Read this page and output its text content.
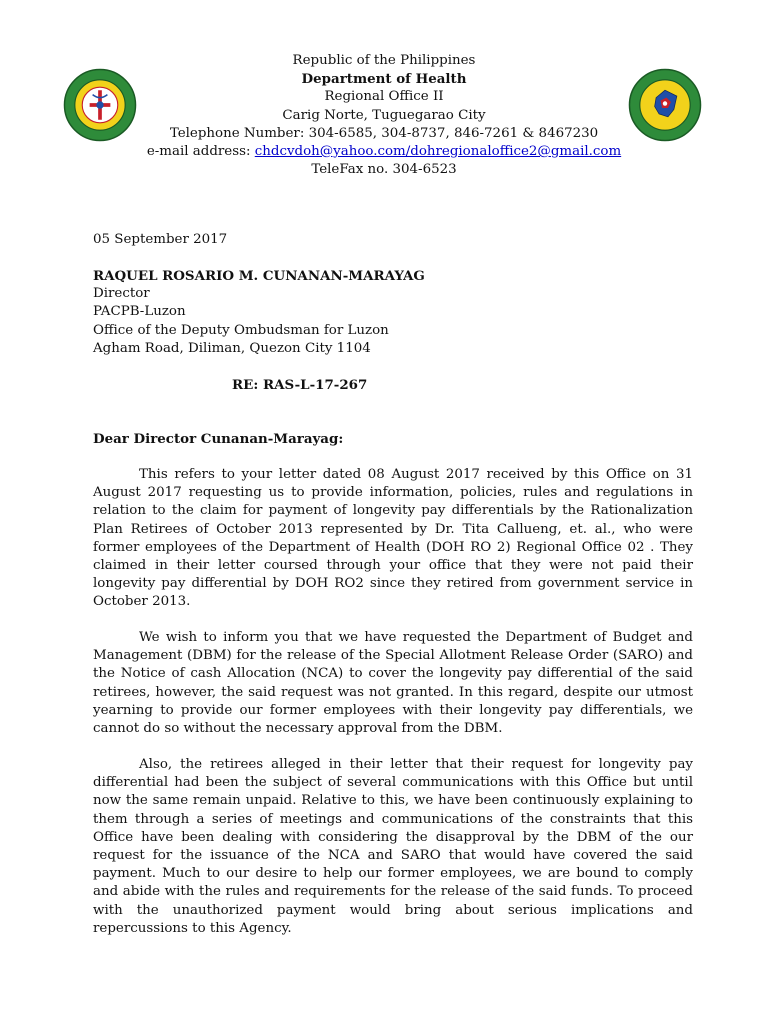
Republic of the Philippines
Department of Health
Regional Office II
Carig Norte, Tuguegarao City
Telephone Number: 304-6585, 304-8737, 846-7261 & 8467230
e-mail address: chdcvdoh@yahoo.com/dohregionaloffice2@gmail.com
TeleFax no. 304-6523
05 September 2017
RAQUEL ROSARIO M. CUNANAN-MARAYAG
Director
PACPB-Luzon
Office of the Deputy Ombudsman for Luzon
Agham Road, Diliman, Quezon City 1104
RE: RAS-L-17-267
Dear Director Cunanan-Marayag:

This refers to your letter dated 08 August 2017 received by this Office on 31 August 2017 requesting us to provide information, policies, rules and regulations in relation to the claim for payment of longevity pay differentials by the Rationalization Plan Retirees of October 2013 represented by Dr. Tita Callueng, et. al., who were former employees of the Department of Health (DOH RO 2) Regional Office 02 . They claimed in their letter coursed through your office that they were not paid their longevity pay differential by DOH RO2 since they retired from government service in October 2013.

We wish to inform you that we have requested the Department of Budget and Management (DBM) for the release of the Special Allotment Release Order (SARO) and the Notice of cash Allocation (NCA) to cover the longevity pay differential of the said retirees, however, the said request was not granted. In this regard, despite our utmost yearning to provide our former employees with their longevity pay differentials, we cannot do so without the necessary approval from the DBM.

Also, the retirees alleged in their letter that their request for longevity pay differential had been the subject of several communications with this Office but until now the same remain unpaid. Relative to this, we have been continuously explaining to them through a series of meetings and communications of the constraints that this Office have been dealing with considering the disapproval by the DBM of the our request for the issuance of the NCA and SARO that would have covered the said payment. Much to our desire to help our former employees, we are bound to comply and abide with the rules and requirements for the release of the said funds. To proceed with the unauthorized payment would bring about serious implications and repercussions to this Agency.
